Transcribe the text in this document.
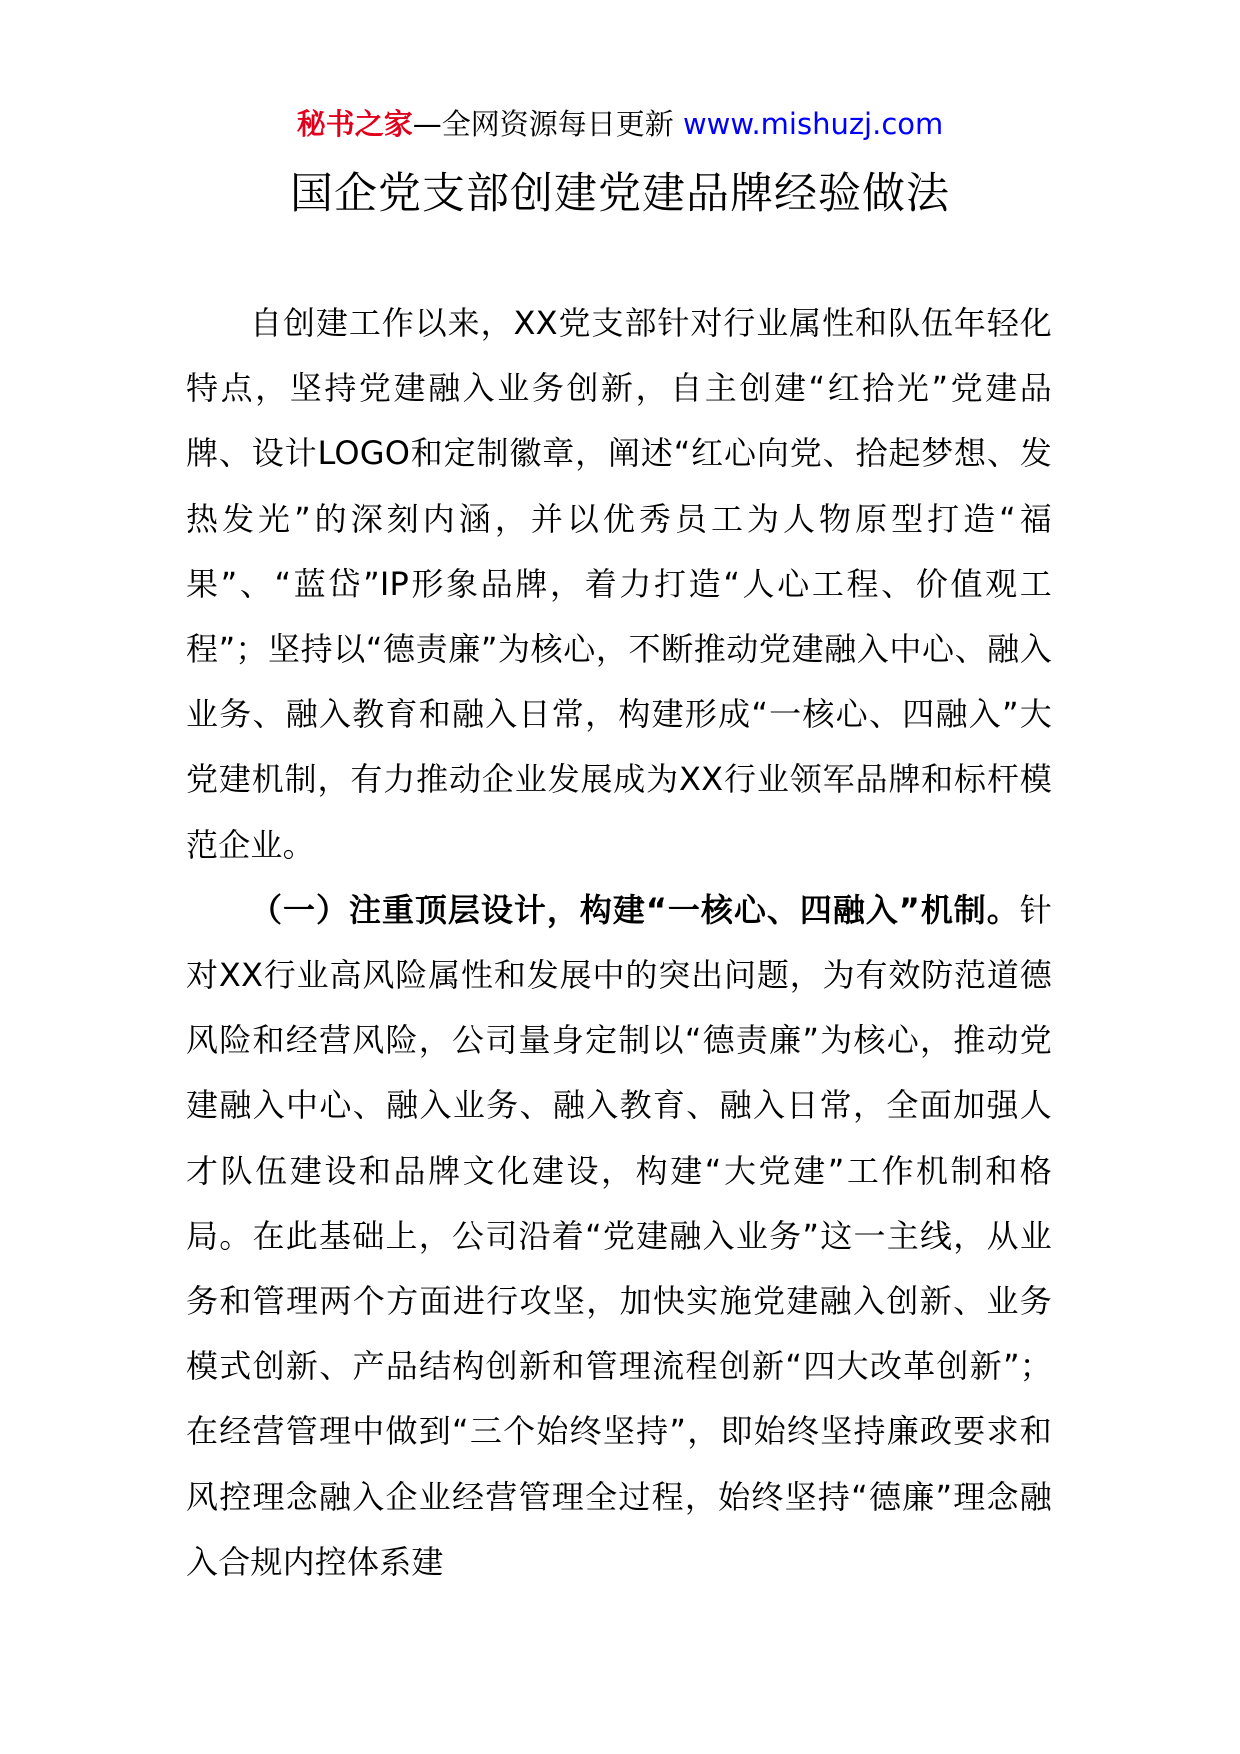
秘书之家—全网资源每日更新 www.mishuzj.com
国企党支部创建党建品牌经验做法

自创建工作以来，XX党支部针对行业属性和队伍年轻化特点，坚持党建融入业务创新，自主创建“红拾光”党建品牌、设计LOGO和定制徽章，阐述“红心向党、拾起梦想、发热发光”的深刻内涵，并以优秀员工为人物原型打造“福果”、“蓝岱”IP形象品牌，着力打造“人心工程、价值观工程”；坚持以“德责廉”为核心，不断推动党建融入中心、融入业务、融入教育和融入日常，构建形成“一核心、四融入”大党建机制，有力推动企业发展成为XX行业领军品牌和标杆模范企业。

（一）注重顶层设计，构建“一核心、四融入”机制。针对XX行业高风险属性和发展中的突出问题，为有效防范道德风险和经营风险，公司量身定制以“德责廉”为核心，推动党建融入中心、融入业务、融入教育、融入日常，全面加强人才队伍建设和品牌文化建设，构建“大党建”工作机制和格局。在此基础上，公司沿着“党建融入业务”这一主线，从业务和管理两个方面进行攻坚，加快实施党建融入创新、业务模式创新、产品结构创新和管理流程创新“四大改革创新”；在经营管理中做到“三个始终坚持”，即始终坚持廉政要求和风控理念融入企业经营管理全过程，始终坚持“德廉”理念融入合规内控体系建
